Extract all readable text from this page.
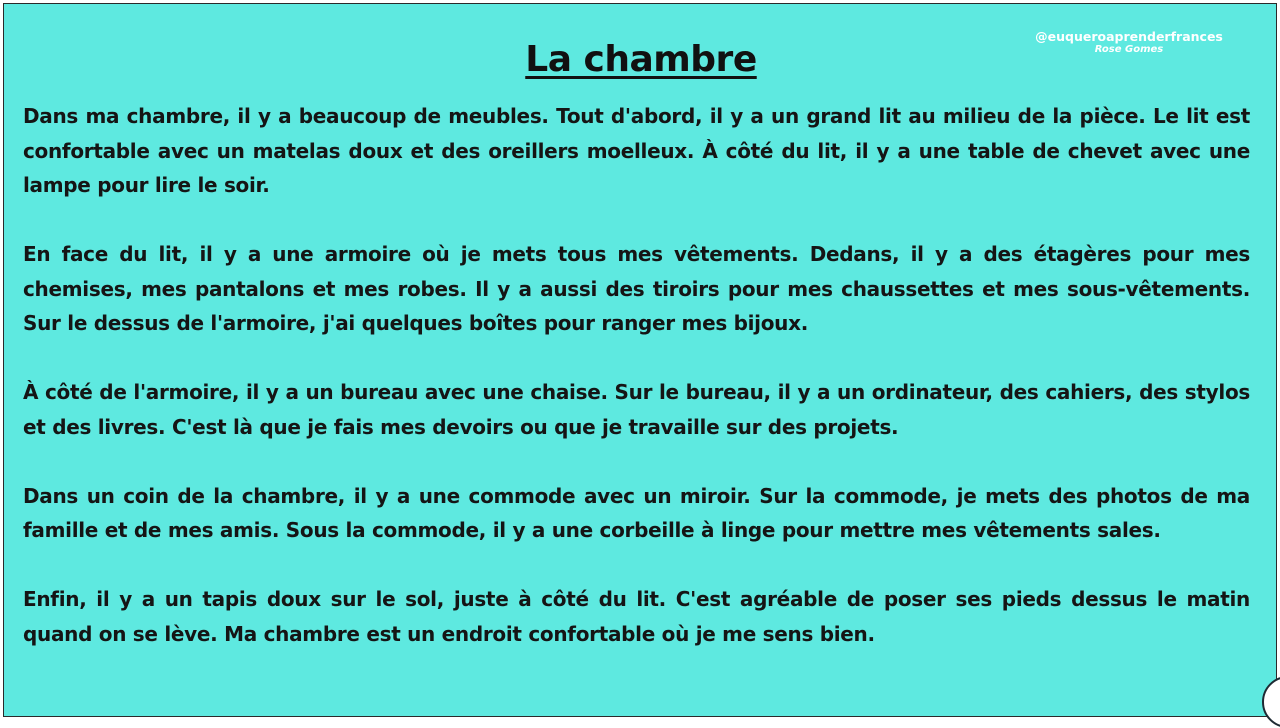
La chambre
@euqueroaprenderfrances
Rose Gomes

Dans ma chambre, il y a beaucoup de meubles. Tout d'abord, il y a un grand lit au milieu de la pièce. Le lit est confortable avec un matelas doux et des oreillers moelleux. À côté du lit, il y a une table de chevet avec une lampe pour lire le soir.

En face du lit, il y a une armoire où je mets tous mes vêtements. Dedans, il y a des étagères pour mes chemises, mes pantalons et mes robes. Il y a aussi des tiroirs pour mes chaussettes et mes sous-vêtements. Sur le dessus de l'armoire, j'ai quelques boîtes pour ranger mes bijoux.

À côté de l'armoire, il y a un bureau avec une chaise. Sur le bureau, il y a un ordinateur, des cahiers, des stylos et des livres. C'est là que je fais mes devoirs ou que je travaille sur des projets.

Dans un coin de la chambre, il y a une commode avec un miroir. Sur la commode, je mets des photos de ma famille et de mes amis. Sous la commode, il y a une corbeille à linge pour mettre mes vêtements sales.

Enfin, il y a un tapis doux sur le sol, juste à côté du lit. C'est agréable de poser ses pieds dessus le matin quand on se lève. Ma chambre est un endroit confortable où je me sens bien.
